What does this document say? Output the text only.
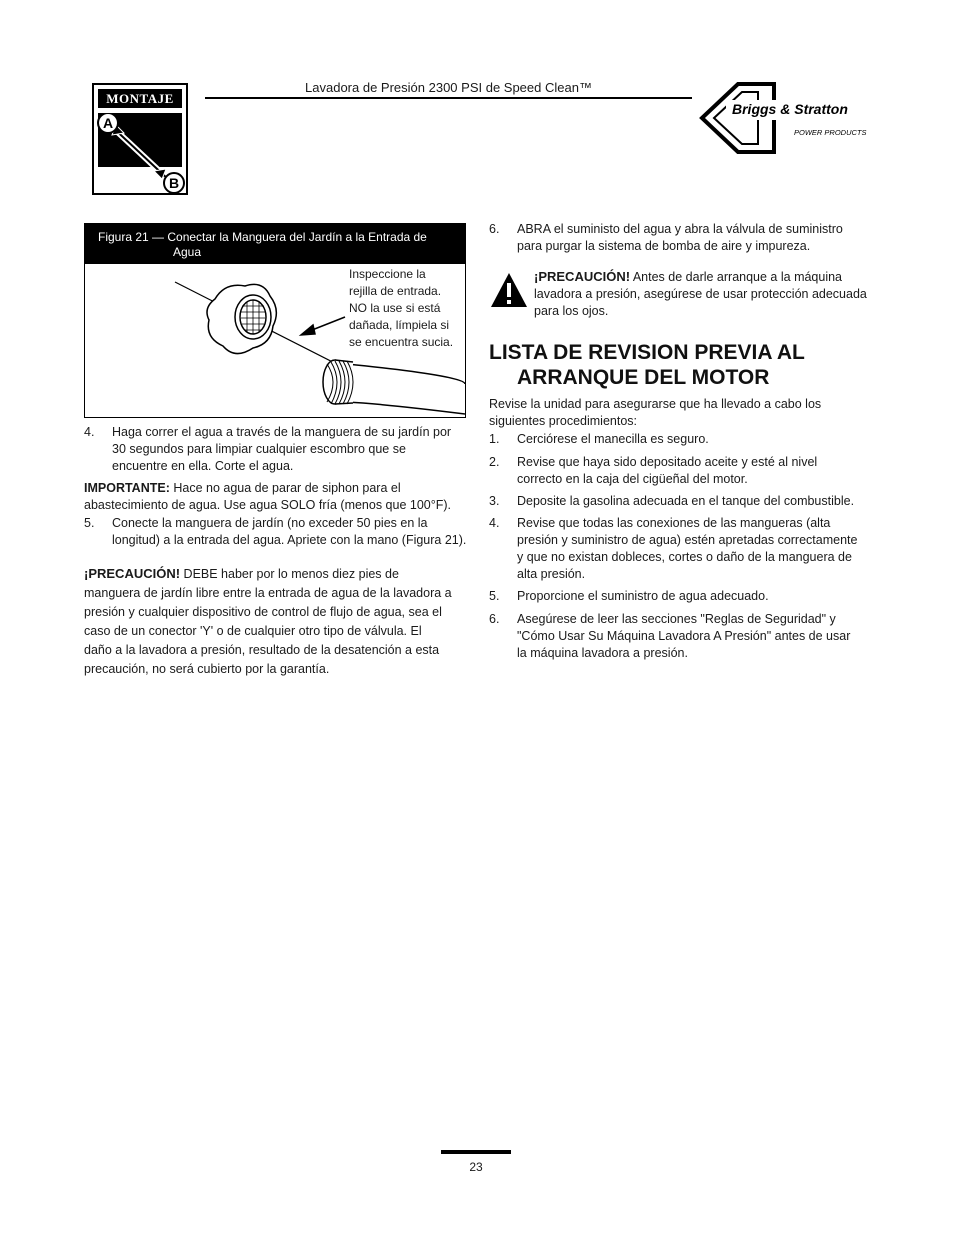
MONTAJE
A
B
Lavadora de Presión 2300 PSI de Speed Clean™
Briggs & Stratton
POWER PRODUCTS
Figura 21 — Conectar la Manguera del Jardín a la Entrada de
Agua

Inspeccione la

rejilla de entrada.

NO la use si está

dañada, límpiela si

se encuentra sucia.

4. Haga correr el agua a través de la manguera de su jardín por

30 segundos para limpiar cualquier escombro que se

encuentre en ella. Corte el agua.

IMPORTANTE: Hace no agua de parar de siphon para el

abastecimiento de agua. Use agua SOLO fría (menos que 100°F).

5. Conecte la manguera de jardín (no exceder 50 pies en la

longitud) a la entrada del agua. Apriete con la mano (Figura 21).

¡PRECAUCIÓN! DEBE haber por lo menos diez pies de

manguera de jardín libre entre la entrada de agua de la lavadora a

presión y cualquier dispositivo de control de flujo de agua, sea el

caso de un conector 'Y' o de cualquier otro tipo de válvula. El

daño a la lavadora a presión, resultado de la desatención a esta

precaución, no será cubierto por la garantía.

6. ABRA el suministo del agua y abra la válvula de suministro

para purgar la sistema de bomba de aire y impureza.

¡PRECAUCIÓN! Antes de darle arranque a la máquina

lavadora a presión, asegúrese de usar protección adecuada

para los ojos.

LISTA DE REVISION PREVIA AL
ARRANQUE DEL MOTOR

Revise la unidad para asegurarse que ha llevado a cabo los

siguientes procedimientos:

1. Cerciórese el manecilla es seguro.

2. Revise que haya sido depositado aceite y esté al nivel

correcto en la caja del cigüeñal del motor.

3. Deposite la gasolina adecuada en el tanque del combustible.

4. Revise que todas las conexiones de las mangueras (alta

presión y suministro de agua) estén apretadas correctamente

y que no existan dobleces, cortes o daño de la manguera de

alta presión.

5. Proporcione el suministro de agua adecuado.

6. Asegúrese de leer las secciones "Reglas de Seguridad" y

"Cómo Usar Su Máquina Lavadora A Presión" antes de usar

la máquina lavadora a presión.

23
